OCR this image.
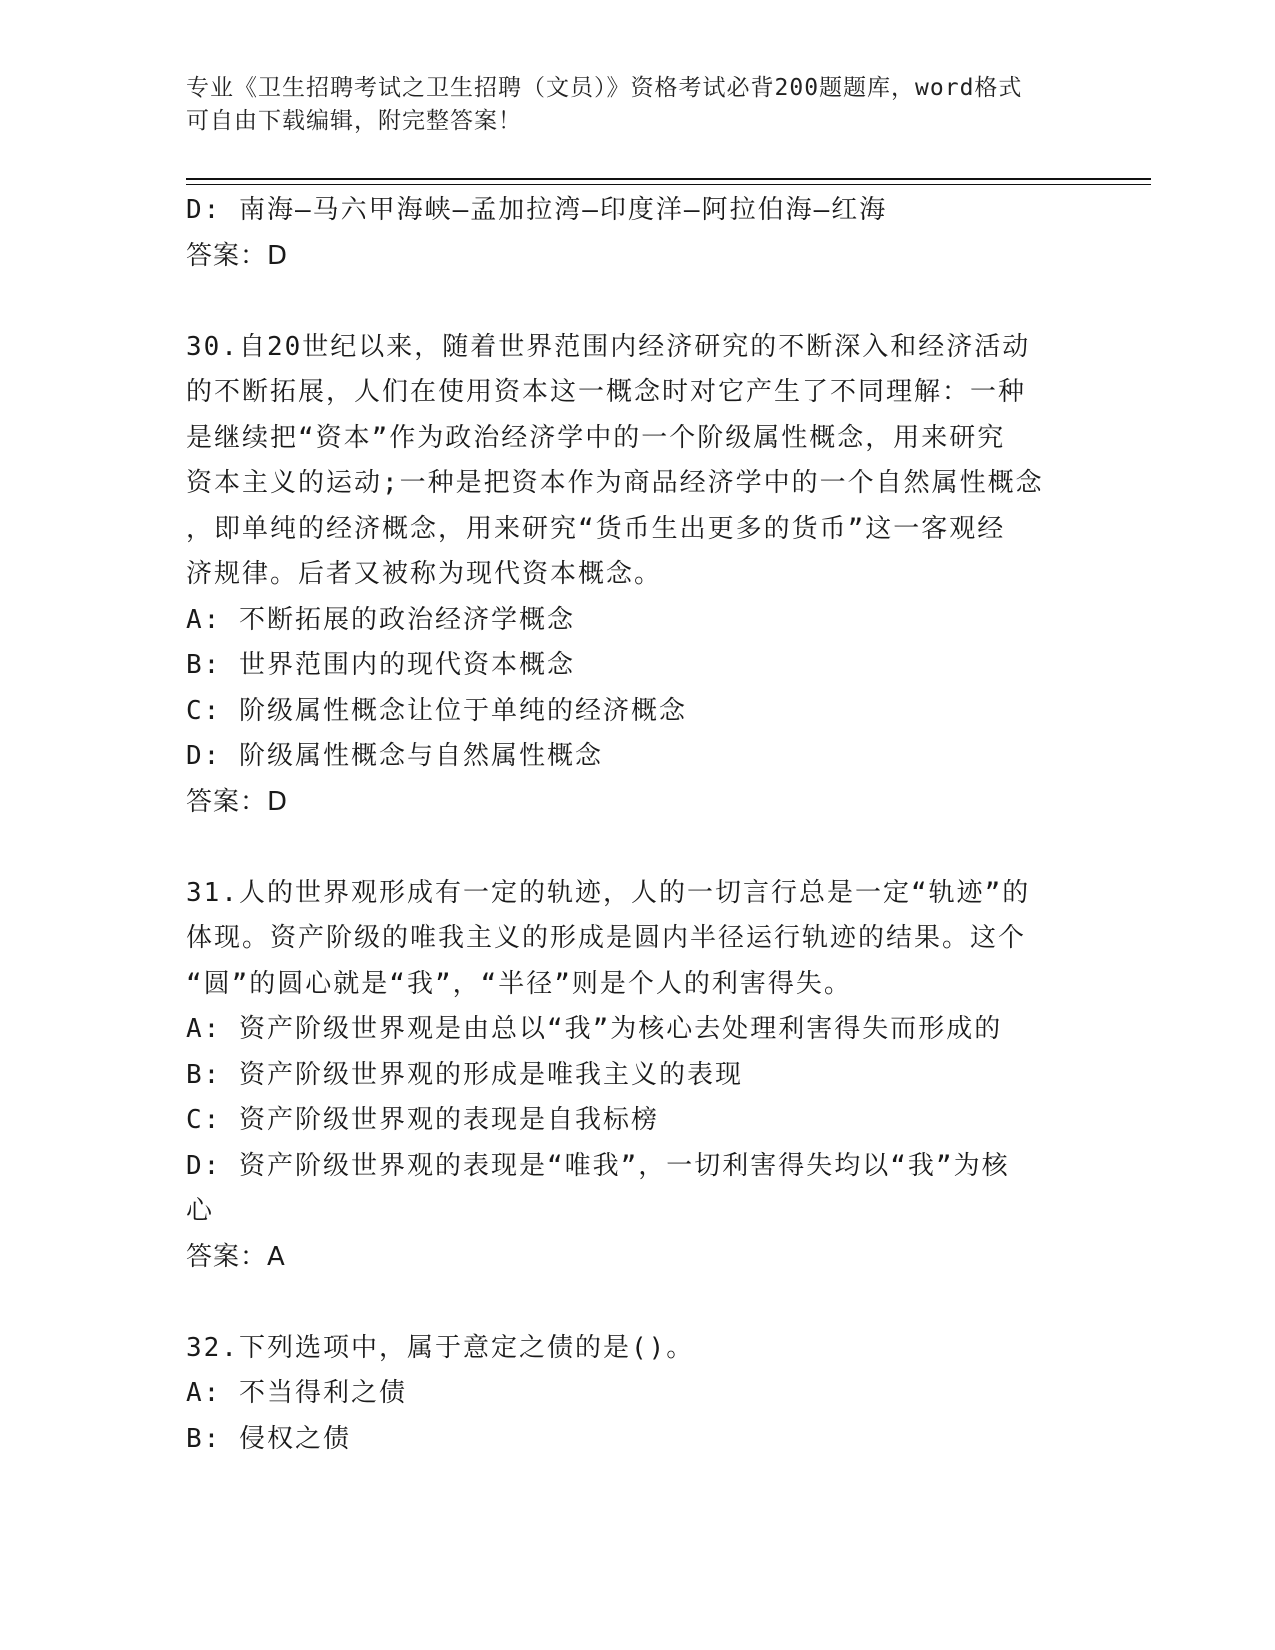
专业《卫生招聘考试之卫生招聘（文员）》资格考试必背200题题库，word格式
可自由下载编辑，附完整答案！
D: 南海—马六甲海峡—孟加拉湾—印度洋—阿拉伯海—红海
答案：D
30.自20世纪以来，随着世界范围内经济研究的不断深入和经济活动
的不断拓展，人们在使用资本这一概念时对它产生了不同理解：一种
是继续把“资本”作为政治经济学中的一个阶级属性概念，用来研究
资本主义的运动;一种是把资本作为商品经济学中的一个自然属性概念
，即单纯的经济概念，用来研究“货币生出更多的货币”这一客观经
济规律。后者又被称为现代资本概念。
A: 不断拓展的政治经济学概念
B: 世界范围内的现代资本概念
C: 阶级属性概念让位于单纯的经济概念
D: 阶级属性概念与自然属性概念
答案：D
31.人的世界观形成有一定的轨迹，人的一切言行总是一定“轨迹”的
体现。资产阶级的唯我主义的形成是圆内半径运行轨迹的结果。这个
“圆”的圆心就是“我”，“半径”则是个人的利害得失。
A: 资产阶级世界观是由总以“我”为核心去处理利害得失而形成的
B: 资产阶级世界观的形成是唯我主义的表现
C: 资产阶级世界观的表现是自我标榜
D: 资产阶级世界观的表现是“唯我”，一切利害得失均以“我”为核
心
答案：A
32.下列选项中，属于意定之债的是()。
A: 不当得利之债
B: 侵权之债
